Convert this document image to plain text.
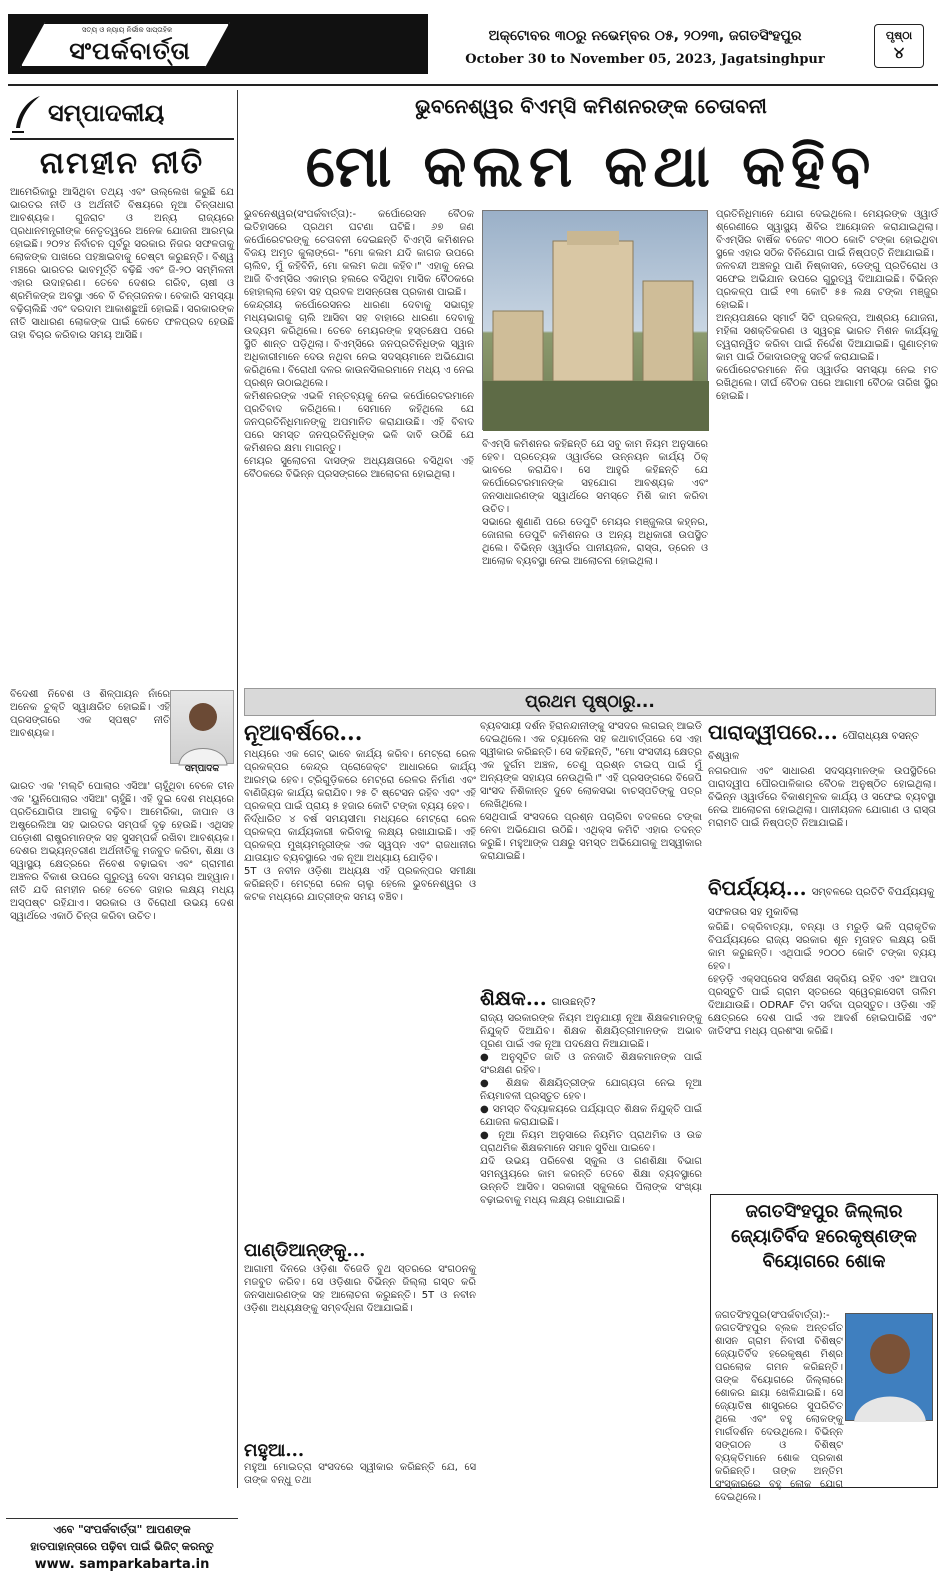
ସତ୍ୟ ଓ ନ୍ୟାୟ ନିର୍ଭୀକ ସାପ୍ତାହିକ
ସଂପର୍କବାର୍ତ୍ତା	ଅକ୍ଟୋବର ୩୦ରୁ ନଭେମ୍ବର ୦୫, ୨୦୨୩, ଜଗତସିଂହପୁର
October 30 to November 05, 2023, Jagatsinghpur
ପୃଷ୍ଠା
୪
ସମ୍ପାଦକୀୟ
ନାମହୀନ ନୀତି
ଆମେରିକାରୁ ଆସିଥିବା ତଥ୍ୟ ଏବଂ ଉଲ୍ଲେଖ କରୁଛି ଯେ ଭାରତର ନୀତି ଓ ଅର୍ଥନୀତି ବିଷୟରେ ନୂଆ ଚିନ୍ତାଧାରା ଆବଶ୍ୟକ। ଗୁଜରାଟ ଓ ଅନ୍ୟ ରାଜ୍ୟରେ ପ୍ରଧାନମନ୍ତ୍ରୀଙ୍କ ନେତୃତ୍ୱରେ ଅନେକ ଯୋଜନା ଆରମ୍ଭ ହୋଇଛି। ୨୦୨୪ ନିର୍ବାଚନ ପୂର୍ବରୁ ସରକାର ନିଜର ସଫଳତାକୁ ଲୋକଙ୍କ ପାଖରେ ପହଞ୍ଚାଇବାକୁ ଚେଷ୍ଟା କରୁଛନ୍ତି। ବିଶ୍ୱ ମଞ୍ଚରେ ଭାରତର ଭାବମୂର୍ତ୍ତି ବଢ଼ିଛି ଏବଂ ଜି-୨୦ ସମ୍ମିଳନୀ ଏହାର ଉଦାହରଣ। ତେବେ ଦେଶର ଗରିବ, ଚାଷୀ ଓ ଶ୍ରମିକଙ୍କ ଅବସ୍ଥା ଏବେ ବି ଚିନ୍ତାଜନକ। ବେକାରି ସମସ୍ୟା ବଢ଼ିଚାଲିଛି ଏବଂ ଦରଦାମ ଆକାଶଛୁଆଁ ହୋଇଛି। ସରକାରଙ୍କ ନୀତି ସାଧାରଣ ଲୋକଙ୍କ ପାଇଁ କେତେ ଫଳପ୍ରଦ ହେଉଛି ତାହା ବିଚାର କରିବାର ସମୟ ଆସିଛି।
ବିଦେଶୀ ନିବେଶ ଓ ଶିଳ୍ପାୟନ ନାଁରେ ଅନେକ ଚୁକ୍ତି ସ୍ୱାକ୍ଷରିତ ହୋଇଛି। ଏହି ପ୍ରସଙ୍ଗରେ ଏକ ସ୍ପଷ୍ଟ ନୀତି ଆବଶ୍ୟକ।
ସମ୍ପାଦକ
ଭାରତ ଏକ 'ମଲ୍ଟି ପୋଲାର ଏସିଆ' ଚାହୁଁଥିବା ବେଳେ ଚୀନ ଏକ 'ୟୁନିପୋଲାର ଏସିଆ' ଚାହୁଁଛି। ଏହି ଦୁଇ ଦେଶ ମଧ୍ୟରେ ପ୍ରତିଯୋଗିତା ଆଗକୁ ବଢ଼ିବ। ଆମେରିକା, ଜାପାନ ଓ ଅଷ୍ଟ୍ରେଲିଆ ସହ ଭାରତର ସମ୍ପର୍କ ଦୃଢ଼ ହେଉଛି। ଏଥିସହ ପଡ଼ୋଶୀ ରାଷ୍ଟ୍ରମାନଙ୍କ ସହ ସୁସମ୍ପର୍କ ରଖିବା ଆବଶ୍ୟକ। ଦେଶର ଅଭ୍ୟନ୍ତରୀଣ ଅର୍ଥନୀତିକୁ ମଜବୁତ କରିବା, ଶିକ୍ଷା ଓ ସ୍ୱାସ୍ଥ୍ୟ କ୍ଷେତ୍ରରେ ନିବେଶ ବଢ଼ାଇବା ଏବଂ ଗ୍ରାମୀଣ ଅଞ୍ଚଳର ବିକାଶ ଉପରେ ଗୁରୁତ୍ୱ ଦେବା ସମୟର ଆହ୍ୱାନ। ନୀତି ଯଦି ନାମହୀନ ରହେ ତେବେ ତାହାର ଲକ୍ଷ୍ୟ ମଧ୍ୟ ଅସ୍ପଷ୍ଟ ରହିଯାଏ। ସରକାର ଓ ବିରୋଧୀ ଉଭୟ ଦେଶ ସ୍ୱାର୍ଥରେ ଏକାଠି ଚିନ୍ତା କରିବା ଉଚିତ।
ଏବେ "ସଂପର୍କବାର୍ତ୍ତା" ଆପଣଙ୍କ
ହାତପାହାନ୍ତାରେ ପଢ଼ିବା ପାଇଁ ଭିଜିଟ୍ କରନ୍ତୁ
www. samparkabarta.in
ଭୁବନେଶ୍ୱର ବିଏମ୍‌ସି କମିଶନରଙ୍କ ଚେତାବନୀ
ମୋ କଲମ କଥା କହିବ
ଭୁବନେଶ୍ୱର(ସଂପର୍କବାର୍ତ୍ତା):- କର୍ପୋରେସନ ବୈଠକ ଇତିହାସରେ ପ୍ରଥମ ଘଟଣା ଘଟିଛି। ୬୭ ଜଣ କର୍ପୋରେଟରଙ୍କୁ ଚେତାବନୀ ଦେଇଛନ୍ତି ବିଏମ୍‌ସି କମିଶନର ବିଜୟ ଅମୃତ କୁଲାଙ୍ଗେ- "ମୋ କଲମ ଯଦି କାଗଜ ଉପରେ ଚାଲିବ, ମୁଁ କହିବିନି, ମୋ କଲମ କଥା କହିବ।" ଏହାକୁ ନେଇ ଆଜି ବିଏମ୍‌ସିର ଏକାମ୍ର ହଲରେ ବସିଥିବା ମାସିକ ବୈଠକରେ ହୋହାଲ୍ଲା ହେବା ସହ ପ୍ରବଳ ଅସନ୍ତୋଷ ପ୍ରକାଶ ପାଇଛି।
କେନ୍ଦ୍ରୀୟ କର୍ପୋରେସନର ଧାରଣା ଦେବାକୁ ସଭାଗୃହ ମଧ୍ୟଭାଗକୁ ଚାଲି ଆସିବା ସହ ବାହାରେ ଧାରଣା ଦେବାକୁ ଉଦ୍ୟମ କରିଥିଲେ। ତେବେ ମେୟରଙ୍କ ହସ୍ତକ୍ଷେପ ପରେ ସ୍ଥିତି ଶାନ୍ତ ପଡ଼ିଥିଲା। ବିଏମ୍‌ସିରେ ଜନପ୍ରତିନିଧିଙ୍କ ସ୍ୱାନ ଅଧିକାରୀମାନେ ଦେଉ ନଥିବା ନେଇ ସଦସ୍ୟମାନେ ଅଭିଯୋଗ କରିଥିଲେ। ବିରୋଧୀ ଦଳର କାଉନସିଲରମାନେ ମଧ୍ୟ ଏ ନେଇ ପ୍ରଶ୍ନ ଉଠାଇଥିଲେ।
କମିଶନରଙ୍କ ଏଭଳି ମନ୍ତବ୍ୟକୁ ନେଇ କର୍ପୋରେଟରମାନେ ପ୍ରତିବାଦ କରିଥିଲେ। ସେମାନେ କହିଥିଲେ ଯେ ଜନପ୍ରତିନିଧିମାନଙ୍କୁ ଅପମାନିତ କରାଯାଉଛି। ଏହି ବିବାଦ ପରେ ସମସ୍ତ ଜନପ୍ରତିନିଧିଙ୍କ ଭଳି ଦାବି ଉଠିଛି ଯେ କମିଶନର କ୍ଷମା ମାଗନ୍ତୁ।
ମେୟର ସୁଲୋଚନା ଦାସଙ୍କ ଅଧ୍ୟକ୍ଷତାରେ ବସିଥିବା ଏହି ବୈଠକରେ ବିଭିନ୍ନ ପ୍ରସଙ୍ଗରେ ଆଲୋଚନା ହୋଇଥିଲା।
ବିଏମ୍‌ସି କମିଶନର କହିଛନ୍ତି ଯେ ସବୁ କାମ ନିୟମ ଅନୁସାରେ ହେବ। ପ୍ରତ୍ୟେକ ଓ୍ୱାର୍ଡରେ ଉନ୍ନୟନ କାର୍ଯ୍ୟ ଠିକ୍ ଭାବରେ କରାଯିବ। ସେ ଆହୁରି କହିଛନ୍ତି ଯେ କର୍ପୋରେଟରମାନଙ୍କ ସହଯୋଗ ଆବଶ୍ୟକ ଏବଂ ଜନସାଧାରଣଙ୍କ ସ୍ୱାର୍ଥରେ ସମସ୍ତେ ମିଶି କାମ କରିବା ଉଚିତ।
ସଭାରେ ଶୁଣାଣି ପରେ ଡେପୁଟି ମେୟର ମଞ୍ଜୁଲତା କହ୍ନର, ଜୋନାଲ ଡେପୁଟି କମିଶନର ଓ ଅନ୍ୟ ଅଧିକାରୀ ଉପସ୍ଥିତ ଥିଲେ। ବିଭିନ୍ନ ଓ୍ୱାର୍ଡର ପାନୀୟଜଳ, ରାସ୍ତା, ଡ୍ରେନ ଓ ଆଲୋକ ବ୍ୟବସ୍ଥା ନେଇ ଆଲୋଚନା ହୋଇଥିଲା।
ପ୍ରତିନିଧିମାନେ ଯୋଗ ଦେଇଥିଲେ। ମେୟରଙ୍କ ଓ୍ୱାର୍ଡ ଶ୍ରେଣୀରେ ସ୍ୱାସ୍ଥ୍ୟ ଶିବିର ଆୟୋଜନ କରାଯାଇଥିଲା। ବିଏମ୍‌ସିର ବାର୍ଷିକ ବଜେଟ ୩୦୦ କୋଟି ଟଙ୍କା ହୋଇଥିବା ସ୍ଥଳେ ଏହାର ସଠିକ ବିନିଯୋଗ ପାଇଁ ନିଷ୍ପତ୍ତି ନିଆଯାଇଛି।
ଜଳବନ୍ଦୀ ଅଞ୍ଚଳରୁ ପାଣି ନିଷ୍କାସନ, ଡେଙ୍ଗୁ ପ୍ରତିରୋଧ ଓ ସଫେଇ ଅଭିଯାନ ଉପରେ ଗୁରୁତ୍ୱ ଦିଆଯାଇଛି। ବିଭିନ୍ନ ପ୍ରକଳ୍ପ ପାଇଁ ୧୩ କୋଟି ୫୫ ଲକ୍ଷ ଟଙ୍କା ମଞ୍ଜୁର ହୋଇଛି।
ଅନ୍ୟପକ୍ଷରେ ସ୍ମାର୍ଟ ସିଟି ପ୍ରକଳ୍ପ, ଆଶ୍ରୟ ଯୋଜନା, ମହିଳା ସଶକ୍ତିକରଣ ଓ ସ୍ୱଚ୍ଛ ଭାରତ ମିଶନ କାର୍ଯ୍ୟକୁ ତ୍ୱରାନ୍ୱିତ କରିବା ପାଇଁ ନିର୍ଦ୍ଦେଶ ଦିଆଯାଇଛି। ଗୁଣାତ୍ମକ କାମ ପାଇଁ ଠିକାଦାରଙ୍କୁ ସତର୍କ କରାଯାଇଛି।
କର୍ପୋରେଟରମାନେ ନିଜ ଓ୍ୱାର୍ଡର ସମସ୍ୟା ନେଇ ମତ ରଖିଥିଲେ। ଦୀର୍ଘ ବୈଠକ ପରେ ଆଗାମୀ ବୈଠକ ତାରିଖ ସ୍ଥିର ହୋଇଛି।
ପ୍ରଥମ ପୃଷ୍ଠାରୁ...
ନୂଆବର୍ଷରେ...
ମଧ୍ୟରେ ଏକ ଗେଟ୍ ଭାବେ କାର୍ଯ୍ୟ କରିବ। ମେଟ୍ରୋ ରେଳ ପ୍ରକଳ୍ପର କେନ୍ଦ୍ର ପ୍ରୋଜେକ୍ଟ ଆଧାରରେ କାର୍ଯ୍ୟ ଆରମ୍ଭ ହେବ। ଟ୍ରିଗୁଡ଼ିକରେ ମେଟ୍ରୋ ରେଳର ନିର୍ମାଣ ଏବଂ ବାଣିଜ୍ୟିକ କାର୍ଯ୍ୟ କରାଯିବ। ୨୫ ଟି ଷ୍ଟେସନ ରହିବ ଏବଂ ଏହି ପ୍ରକଳ୍ପ ପାଇଁ ପ୍ରାୟ ୫ ହଜାର କୋଟି ଟଙ୍କା ବ୍ୟୟ ହେବ।
ନିର୍ଦ୍ଧାରିତ ୪ ବର୍ଷ ସମୟସୀମା ମଧ୍ୟରେ ମେଟ୍ରୋ ରେଳ ପ୍ରକଳ୍ପ କାର୍ଯ୍ୟକାରୀ କରିବାକୁ ଲକ୍ଷ୍ୟ ରଖାଯାଇଛି। ଏହି ପ୍ରକଳ୍ପ ମୁଖ୍ୟମନ୍ତ୍ରୀଙ୍କ ଏକ ସ୍ୱପ୍ନ ଏବଂ ରାଜଧାନୀର ଯାତାୟାତ ବ୍ୟବସ୍ଥାରେ ଏକ ନୂଆ ଅଧ୍ୟାୟ ଯୋଡ଼ିବ।
5T ଓ ନବୀନ ଓଡ଼ିଶା ଅଧ୍ୟକ୍ଷ ଏହି ପ୍ରକଳ୍ପର ସମୀକ୍ଷା କରିଛନ୍ତି। ମେଟ୍ରୋ ରେଳ ଚାଲୁ ହେଲେ ଭୁବନେଶ୍ୱର ଓ କଟକ ମଧ୍ୟରେ ଯାତ୍ରୀଙ୍କ ସମୟ ବଞ୍ଚିବ।
ପାଣ୍ଡିଆନ୍‌ଙ୍କୁ...
ଆଗାମୀ ଦିନରେ ଓଡ଼ିଶା ବିଜେଡି ବୁଥ ସ୍ତରରେ ସଂଗଠନକୁ ମଜବୁତ କରିବ। ସେ ଓଡ଼ିଶାର ବିଭିନ୍ନ ଜିଲ୍ଲା ଗସ୍ତ କରି ଜନସାଧାରଣଙ୍କ ସହ ଆଲୋଚନା କରୁଛନ୍ତି। 5T ଓ ନବୀନ ଓଡ଼ିଶା ଅଧ୍ୟକ୍ଷଙ୍କୁ ସମ୍ବର୍ଦ୍ଧନା ଦିଆଯାଇଛି।
ମହୁଆ...
ମହୁଆ ମୋଇତ୍ରା ସଂସଦରେ ସ୍ୱୀକାର କରିଛନ୍ତି ଯେ, ସେ ତାଙ୍କ ବନ୍ଧୁ ତଥା
ବ୍ୟବସାୟୀ ଦର୍ଶନ ହିରାନନ୍ଦାନୀଙ୍କୁ ସଂସଦର ଲଗଇନ୍ ଆଇଡି ଦେଇଥିଲେ। ଏକ ଚ୍ୟାନେଲ ସହ କଥାବାର୍ତ୍ତାରେ ସେ ଏହା ସ୍ୱୀକାର କରିଛନ୍ତି। ସେ କହିଛନ୍ତି, "ମୋ ସଂସଦୀୟ କ୍ଷେତ୍ର ଏକ ଦୁର୍ଗମ ଅଞ୍ଚଳ, ତେଣୁ ପ୍ରଶ୍ନ ଟାଇପ୍ ପାଇଁ ମୁଁ ଅନ୍ୟଙ୍କ ସହାୟତା ନେଉଥିଲି।" ଏହି ପ୍ରସଙ୍ଗରେ ବିଜେପି ସାଂସଦ ନିଶିକାନ୍ତ ଦୁବେ ଲୋକସଭା ବାଚସ୍ପତିଙ୍କୁ ପତ୍ର ଲେଖିଥିଲେ।
ସେଥିପାଇଁ ସଂସଦରେ ପ୍ରଶ୍ନ ପଚାରିବା ବଦଳରେ ଟଙ୍କା ନେବା ଅଭିଯୋଗ ଉଠିଛି। ଏଥିକ୍ସ କମିଟି ଏହାର ତଦନ୍ତ କରୁଛି। ମହୁଆଙ୍କ ପକ୍ଷରୁ ସମସ୍ତ ଅଭିଯୋଗକୁ ଅସ୍ୱୀକାର କରାଯାଇଛି।
ଶିକ୍ଷକ... ଗାଉଛନ୍ତି?
ରାଜ୍ୟ ସରକାରଙ୍କ ନିୟମ ଅନୁଯାୟୀ ନୂଆ ଶିକ୍ଷକମାନଙ୍କୁ ନିଯୁକ୍ତି ଦିଆଯିବ। ଶିକ୍ଷକ ଶିକ୍ଷୟିତ୍ରୀମାନଙ୍କ ଅଭାବ ପୂରଣ ପାଇଁ ଏକ ନୂଆ ପଦକ୍ଷେପ ନିଆଯାଇଛି।
● ଅନୁସୂଚିତ ଜାତି ଓ ଜନଜାତି ଶିକ୍ଷକମାନଙ୍କ ପାଇଁ ସଂରକ୍ଷଣ ରହିବ।
● ଶିକ୍ଷକ ଶିକ୍ଷୟିତ୍ରୀଙ୍କ ଯୋଗ୍ୟତା ନେଇ ନୂଆ ନିୟମାବଳୀ ପ୍ରସ୍ତୁତ ହେବ।
● ସମସ୍ତ ବିଦ୍ୟାଳୟରେ ପର୍ଯ୍ୟାପ୍ତ ଶିକ୍ଷକ ନିଯୁକ୍ତି ପାଇଁ ଯୋଜନା କରାଯାଇଛି।
● ନୂଆ ନିୟମ ଅନୁସାରେ ନିୟମିତ ପ୍ରାଥମିକ ଓ ଉଚ୍ଚ ପ୍ରାଥମିକ ଶିକ୍ଷକମାନେ ସମାନ ସୁବିଧା ପାଇବେ।
ଯଦି ଉଭୟ ପରିବେଶ ସ୍କୁଲ ଓ ଗଣଶିକ୍ଷା ବିଭାଗ ସମନ୍ୱୟରେ କାମ କରନ୍ତି ତେବେ ଶିକ୍ଷା ବ୍ୟବସ୍ଥାରେ ଉନ୍ନତି ଆସିବ। ସରକାରୀ ସ୍କୁଲରେ ପିଲାଙ୍କ ସଂଖ୍ୟା ବଢ଼ାଇବାକୁ ମଧ୍ୟ ଲକ୍ଷ୍ୟ ରଖାଯାଇଛି।
ପାରାଦ୍ୱୀପରେ... ପୌରାଧ୍ୟକ୍ଷ ବସନ୍ତ ବିଶ୍ୱାଳ
ନଗରପାଳ ଏବଂ ସାଧାରଣ ସଦସ୍ୟମାନଙ୍କ ଉପସ୍ଥିତିରେ ପାରାଦ୍ୱୀପ ପୌରପାଳିକାର ବୈଠକ ଅନୁଷ୍ଠିତ ହୋଇଥିଲା। ବିଭିନ୍ନ ଓ୍ୱାର୍ଡରେ ବିକାଶମୂଳକ କାର୍ଯ୍ୟ ଓ ସଫେଇ ବ୍ୟବସ୍ଥା ନେଇ ଆଲୋଚନା ହୋଇଥିଲା। ପାନୀୟଜଳ ଯୋଗାଣ ଓ ରାସ୍ତା ମରାମତି ପାଇଁ ନିଷ୍ପତ୍ତି ନିଆଯାଇଛି।
ବିପର୍ଯ୍ୟୟ... ସମ୍ବଳରେ ପ୍ରତିଟି ବିପର୍ଯ୍ୟୟକୁ ସଫଳତାର ସହ ମୁକାବିଲା
କରିଛି। ଚକ୍ରିବାତ୍ୟା, ବନ୍ୟା ଓ ମରୁଡ଼ି ଭଳି ପ୍ରାକୃତିକ ବିପର୍ଯ୍ୟୟରେ ରାଜ୍ୟ ସରକାର ଶୂନ ମୃତାହତ ଲକ୍ଷ୍ୟ ରଖି କାମ କରୁଛନ୍ତି। ଏଥିପାଇଁ ୨୦୦୦ କୋଟି ଟଙ୍କା ବ୍ୟୟ ହେବ।
ହେଡ଼ଡ଼ି ଏକ୍ସପ୍ରେସ ସର୍ବକ୍ଷଣ ସକ୍ରିୟ ରହିବ ଏବଂ ଆପଦା ପ୍ରସ୍ତୁତି ପାଇଁ ଗ୍ରାମ ସ୍ତରରେ ସ୍ୱେଚ୍ଛାସେବୀ ତାଲିମ ଦିଆଯାଉଛି। ODRAF ଟିମ ସର୍ବଦା ପ୍ରସ୍ତୁତ। ଓଡ଼ିଶା ଏହି କ୍ଷେତ୍ରରେ ଦେଶ ପାଇଁ ଏକ ଆଦର୍ଶ ହୋଇପାରିଛି ଏବଂ ଜାତିସଂଘ ମଧ୍ୟ ପ୍ରଶଂସା କରିଛି।
ଜଗତସିଂହପୁର ଜିଲ୍ଲାର
ଜ୍ୟୋତିର୍ବିଦ ହରେକୃଷ୍ଣଙ୍କ
ବିୟୋଗରେ ଶୋକ
ଜଗତସିଂହପୁର(ସଂପର୍କବାର୍ତ୍ତା):- ଜଗତସିଂହପୁର ବ୍ଲକ ଅନ୍ତର୍ଗତ ଶାସନ ଗ୍ରାମ ନିବାସୀ ବିଶିଷ୍ଟ ଜ୍ୟୋତିର୍ବିଦ ହରେକୃଷ୍ଣ ମିଶ୍ର ପରଲୋକ ଗମନ କରିଛନ୍ତି। ତାଙ୍କ ବିୟୋଗରେ ଜିଲ୍ଲାରେ ଶୋକର ଛାୟା ଖେଳିଯାଇଛି। ସେ ଜ୍ୟୋତିଷ ଶାସ୍ତ୍ରରେ ସୁପରିଚିତ ଥିଲେ ଏବଂ ବହୁ ଲୋକଙ୍କୁ ମାର୍ଗଦର୍ଶନ ଦେଉଥିଲେ। ବିଭିନ୍ନ ସଙ୍ଗଠନ ଓ ବିଶିଷ୍ଟ ବ୍ୟକ୍ତିମାନେ ଶୋକ ପ୍ରକାଶ କରିଛନ୍ତି। ତାଙ୍କ ଅନ୍ତିମ ସଂସ୍କାରରେ ବହୁ ଲୋକ ଯୋଗ ଦେଇଥିଲେ।
